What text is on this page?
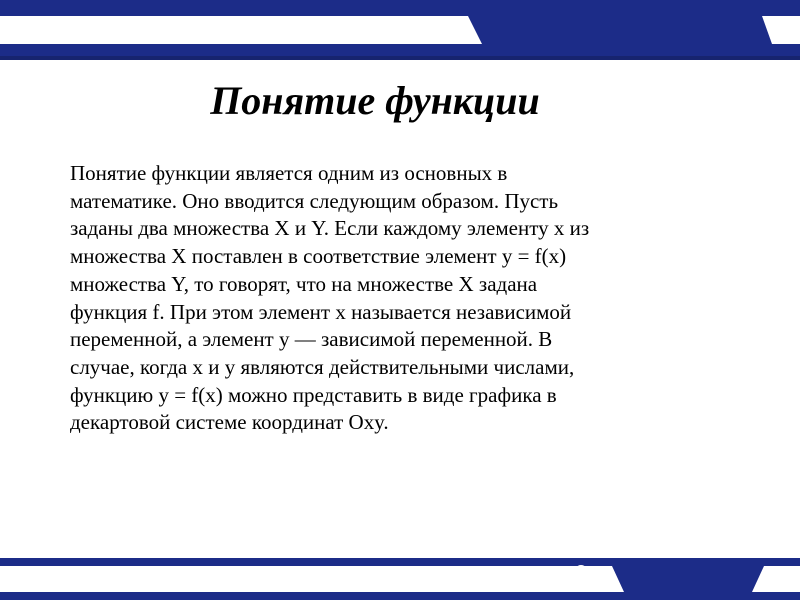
Понятие функции

Понятие функции является одним из основных в
математике. Оно вводится следующим образом. Пусть
заданы два множества X и Y. Если каждому элементу x из
множества X поставлен в соответствие элемент y = f(x)
множества Y, то говорят, что на множестве X задана
функция f. При этом элемент x называется независимой
переменной, а элемент y — зависимой переменной. В
случае, когда x и y являются действительными числами,
функцию y = f(x) можно представить в виде графика в
декартовой системе координат Oxy.

3
